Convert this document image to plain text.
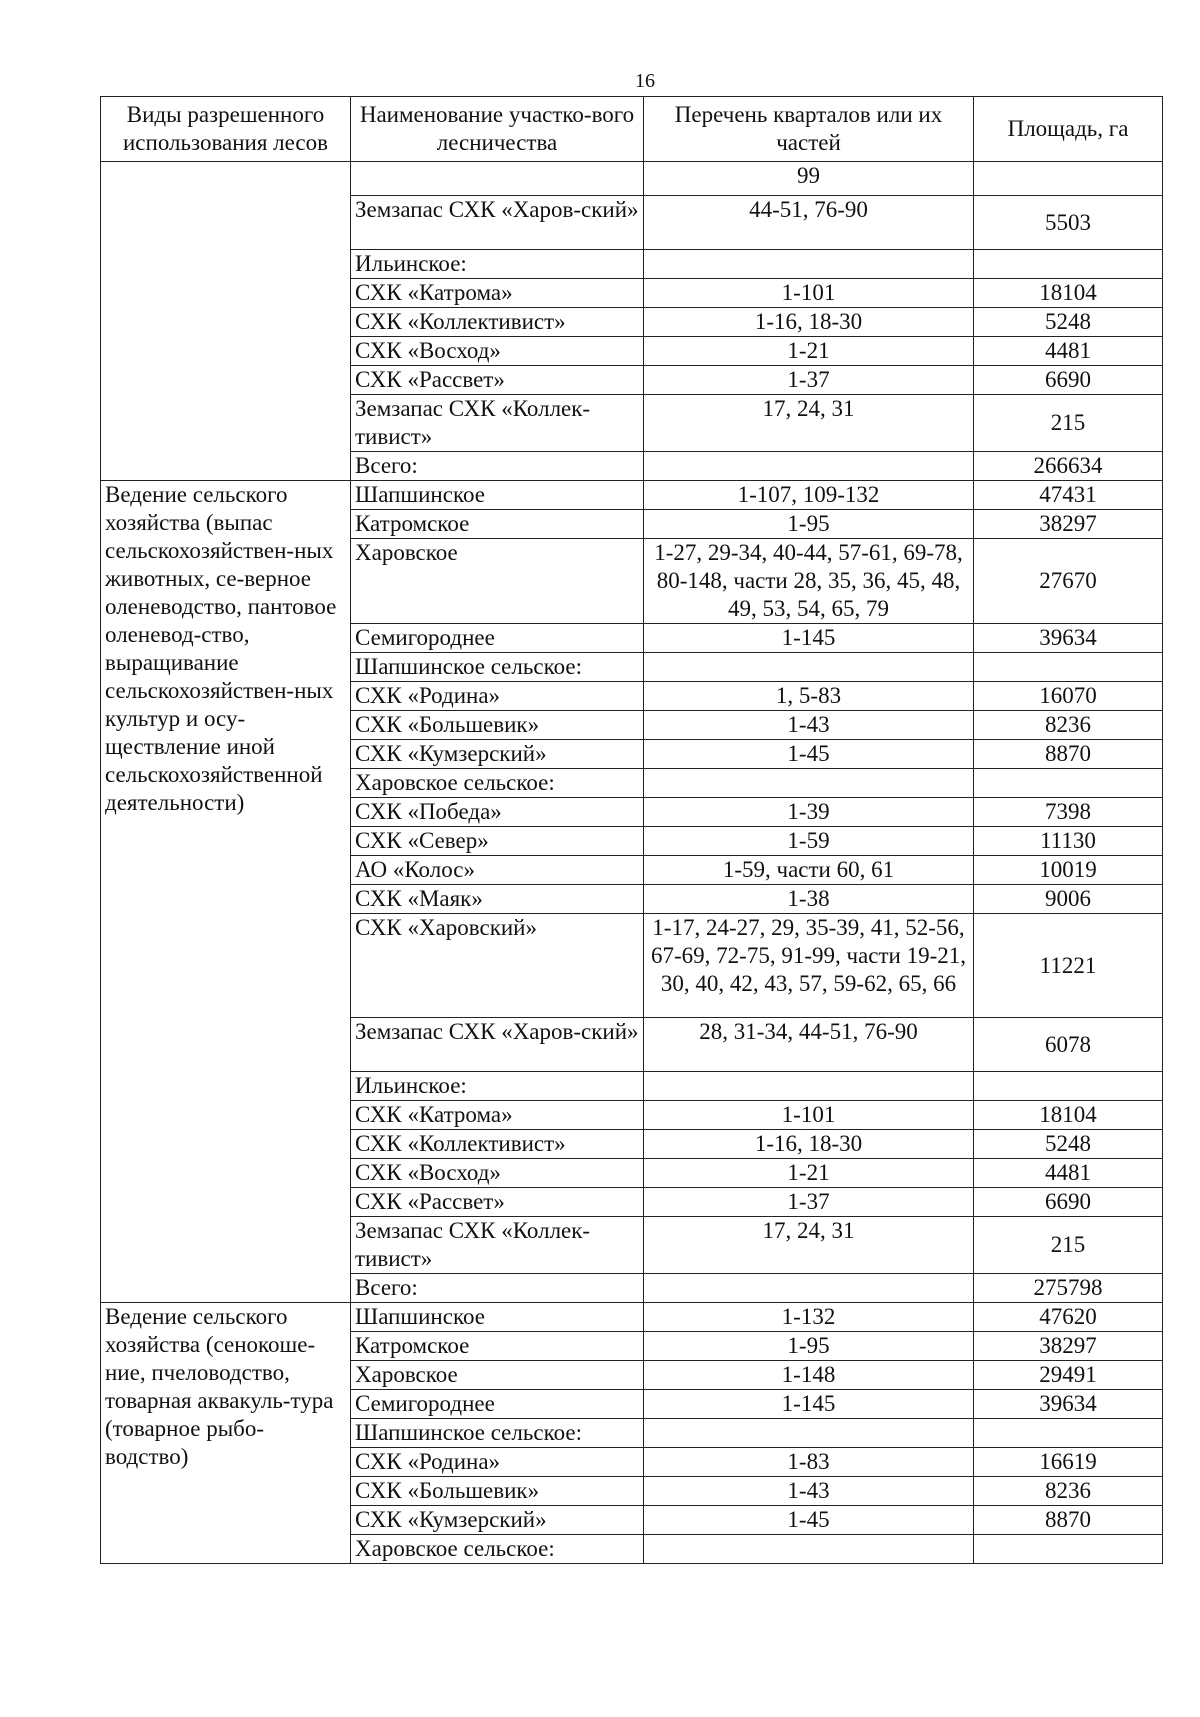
16
Виды разрешенного использования лесов	Наименование участко-вого лесничества	Перечень кварталов или их частей	Площадь, га
		99	
	Земзапас СХК «Харов-ский»	44-51, 76-90	5503
	Ильинское:		
	СХК «Катрома»	1-101	18104
	СХК «Коллективист»	1-16, 18-30	5248
	СХК «Восход»	1-21	4481
	СХК «Рассвет»	1-37	6690
	Земзапас СХК «Коллек-тивист»	17, 24, 31	215
	Всего:		266634
Ведение сельского хозяйства (выпас сельскохозяйствен-ных животных, се-верное оленеводство, пантовое оленевод-ство, выращивание сельскохозяйствен-ных культур и осу-ществление иной сельскохозяйственной деятельности)	Шапшинское	1-107, 109-132	47431
	Катромское	1-95	38297
	Харовское	1-27, 29-34, 40-44, 57-61, 69-78, 80-148, части 28, 35, 36, 45, 48, 49, 53, 54, 65, 79	27670
	Семигороднее	1-145	39634
	Шапшинское сельское:		
	СХК «Родина»	1, 5-83	16070
	СХК «Большевик»	1-43	8236
	СХК «Кумзерский»	1-45	8870
	Харовское сельское:		
	СХК «Победа»	1-39	7398
	СХК «Север»	1-59	11130
	АО «Колос»	1-59, части 60, 61	10019
	СХК «Маяк»	1-38	9006
	СХК «Харовский»	1-17, 24-27, 29, 35-39, 41, 52-56, 67-69, 72-75, 91-99, части 19-21, 30, 40, 42, 43, 57, 59-62, 65, 66	11221
	Земзапас СХК «Харов-ский»	28, 31-34, 44-51, 76-90	6078
	Ильинское:		
	СХК «Катрома»	1-101	18104
	СХК «Коллективист»	1-16, 18-30	5248
	СХК «Восход»	1-21	4481
	СХК «Рассвет»	1-37	6690
	Земзапас СХК «Коллек-тивист»	17, 24, 31	215
	Всего:		275798
Ведение сельского хозяйства (сенокоше-ние, пчеловодство, товарная аквакуль-тура (товарное рыбо-водство)	Шапшинское	1-132	47620
	Катромское	1-95	38297
	Харовское	1-148	29491
	Семигороднее	1-145	39634
	Шапшинское сельское:		
	СХК «Родина»	1-83	16619
	СХК «Большевик»	1-43	8236
	СХК «Кумзерский»	1-45	8870
	Харовское сельское:		
